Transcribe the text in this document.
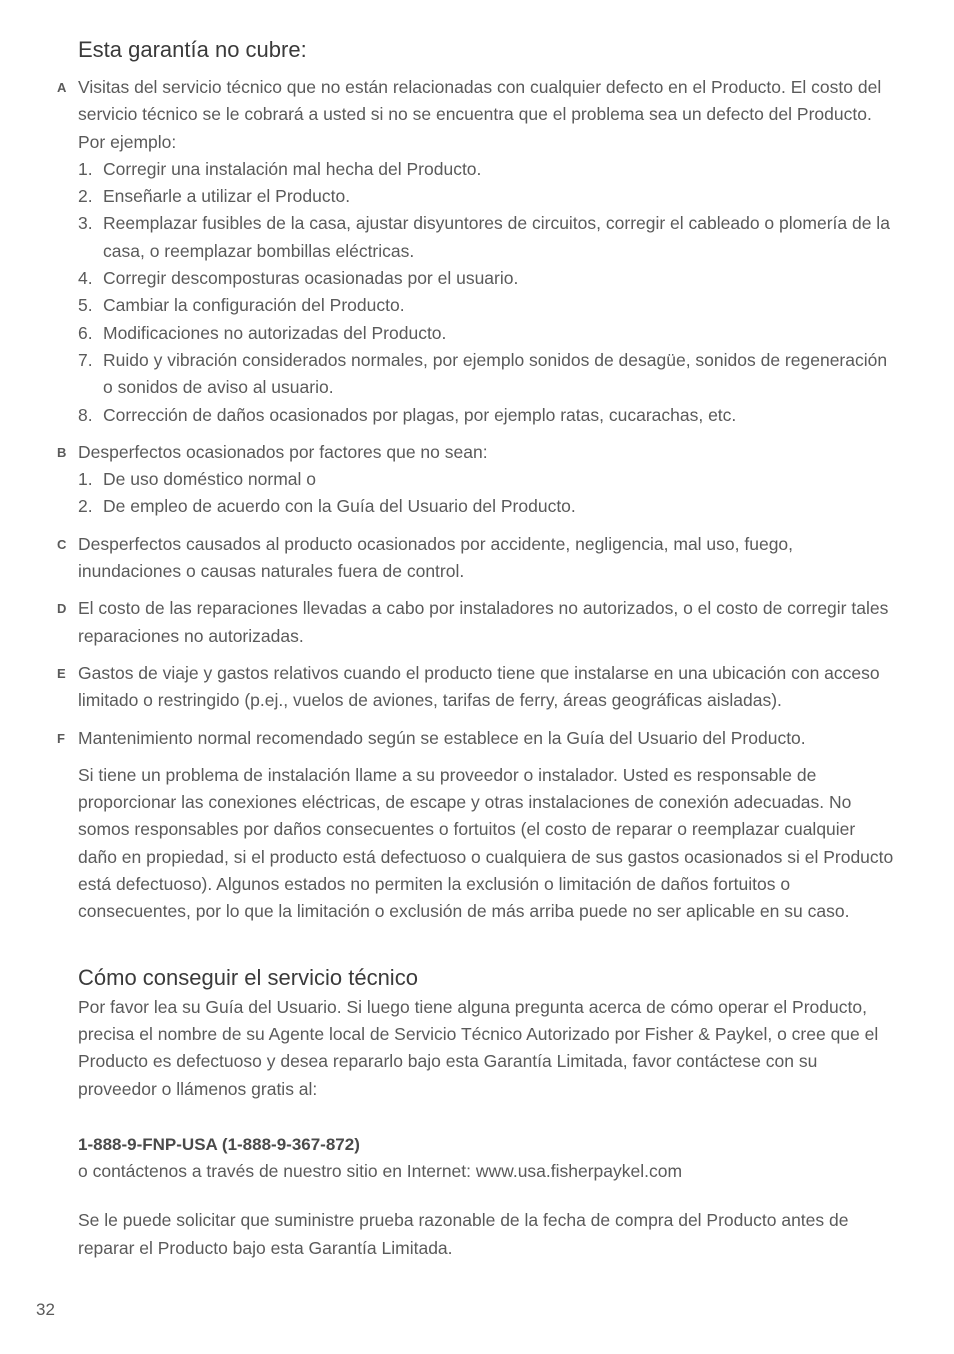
Esta garantía no cubre:
A Visitas del servicio técnico que no están relacionadas con cualquier defecto en el Producto. El costo del servicio técnico se le cobrará a usted si no se encuentra que el problema sea un defecto del Producto. Por ejemplo:

1. Corregir una instalación mal hecha del Producto.
2. Enseñarle a utilizar el Producto.
3. Reemplazar fusibles de la casa, ajustar disyuntores de circuitos, corregir el cableado o plomería de la casa, o reemplazar bombillas eléctricas.
4. Corregir descomposturas ocasionadas por el usuario.
5. Cambiar la configuración del Producto.
6. Modificaciones no autorizadas del Producto.
7. Ruido y vibración considerados normales, por ejemplo sonidos de desagüe, sonidos de regeneración o sonidos de aviso al usuario.
8. Corrección de daños ocasionados por plagas, por ejemplo ratas, cucarachas, etc.
B Desperfectos ocasionados por factores que no sean:

1. De uso doméstico normal o
2. De empleo de acuerdo con la Guía del Usuario del Producto.
C Desperfectos causados al producto ocasionados por accidente, negligencia, mal uso, fuego, inundaciones o causas naturales fuera de control.

D El costo de las reparaciones llevadas a cabo por instaladores no autorizados, o el costo de corregir tales reparaciones no autorizadas.

E Gastos de viaje y gastos relativos cuando el producto tiene que instalarse en una ubicación con acceso limitado o restringido (p.ej., vuelos de aviones, tarifas de ferry, áreas geográficas aisladas).

F Mantenimiento normal recomendado según se establece en la Guía del Usuario del Producto.

Si tiene un problema de instalación llame a su proveedor o instalador. Usted es responsable de proporcionar las conexiones eléctricas, de escape y otras instalaciones de conexión adecuadas. No somos responsables por daños consecuentes o fortuitos (el costo de reparar o reemplazar cualquier daño en propiedad, si el producto está defectuoso o cualquiera de sus gastos ocasionados si el Producto está defectuoso). Algunos estados no permiten la exclusión o limitación de daños fortuitos o consecuentes, por lo que la limitación o exclusión de más arriba puede no ser aplicable en su caso.

Cómo conseguir el servicio técnico

Por favor lea su Guía del Usuario. Si luego tiene alguna pregunta acerca de cómo operar el Producto, precisa el nombre de su Agente local de Servicio Técnico Autorizado por Fisher & Paykel, o cree que el Producto es defectuoso y desea repararlo bajo esta Garantía Limitada, favor contáctese con su proveedor o llámenos gratis al:

1-888-9-FNP-USA (1-888-9-367-872)

o contáctenos a través de nuestro sitio en Internet: www.usa.fisherpaykel.com

Se le puede solicitar que suministre prueba razonable de la fecha de compra del Producto antes de reparar el Producto bajo esta Garantía Limitada.

32
